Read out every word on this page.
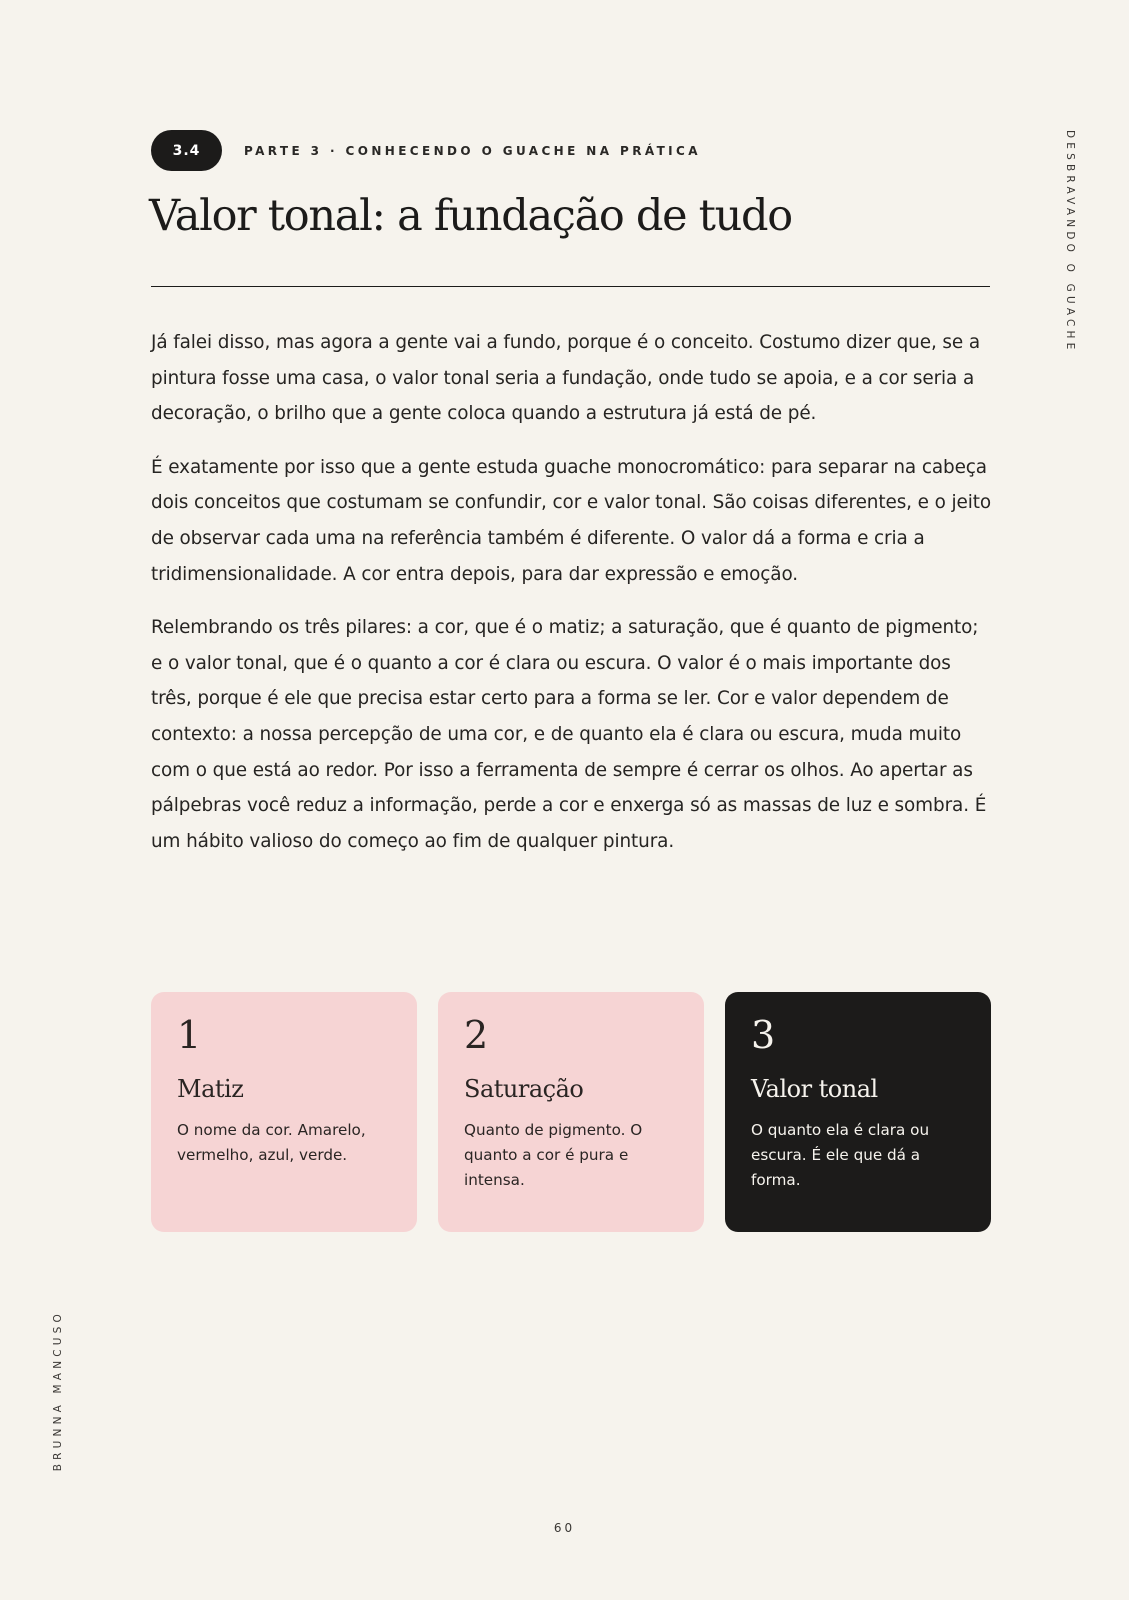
3.4	PARTE 3 · CONHECENDO O GUACHE NA PRÁTICA
Valor tonal: a fundação de tudo

Já falei disso, mas agora a gente vai a fundo, porque é o conceito. Costumo dizer que, se a pintura fosse uma casa, o valor tonal seria a fundação, onde tudo se apoia, e a cor seria a decoração, o brilho que a gente coloca quando a estrutura já está de pé.

É exatamente por isso que a gente estuda guache monocromático: para separar na cabeça dois conceitos que costumam se confundir, cor e valor tonal. São coisas diferentes, e o jeito de observar cada uma na referência também é diferente. O valor dá a forma e cria a tridimensionalidade. A cor entra depois, para dar expressão e emoção.

Relembrando os três pilares: a cor, que é o matiz; a saturação, que é quanto de pigmento; e o valor tonal, que é o quanto a cor é clara ou escura. O valor é o mais importante dos três, porque é ele que precisa estar certo para a forma se ler. Cor e valor dependem de contexto: a nossa percepção de uma cor, e de quanto ela é clara ou escura, muda muito com o que está ao redor. Por isso a ferramenta de sempre é cerrar os olhos. Ao apertar as pálpebras você reduz a informação, perde a cor e enxerga só as massas de luz e sombra. É um hábito valioso do começo ao fim de qualquer pintura.

1
Matiz
O nome da cor. Amarelo, vermelho, azul, verde.
2
Saturação
Quanto de pigmento. O quanto a cor é pura e intensa.
3
Valor tonal
O quanto ela é clara ou escura. É ele que dá a forma.
DESBRAVANDO O GUACHE
BRUNNA MANCUSO
60
